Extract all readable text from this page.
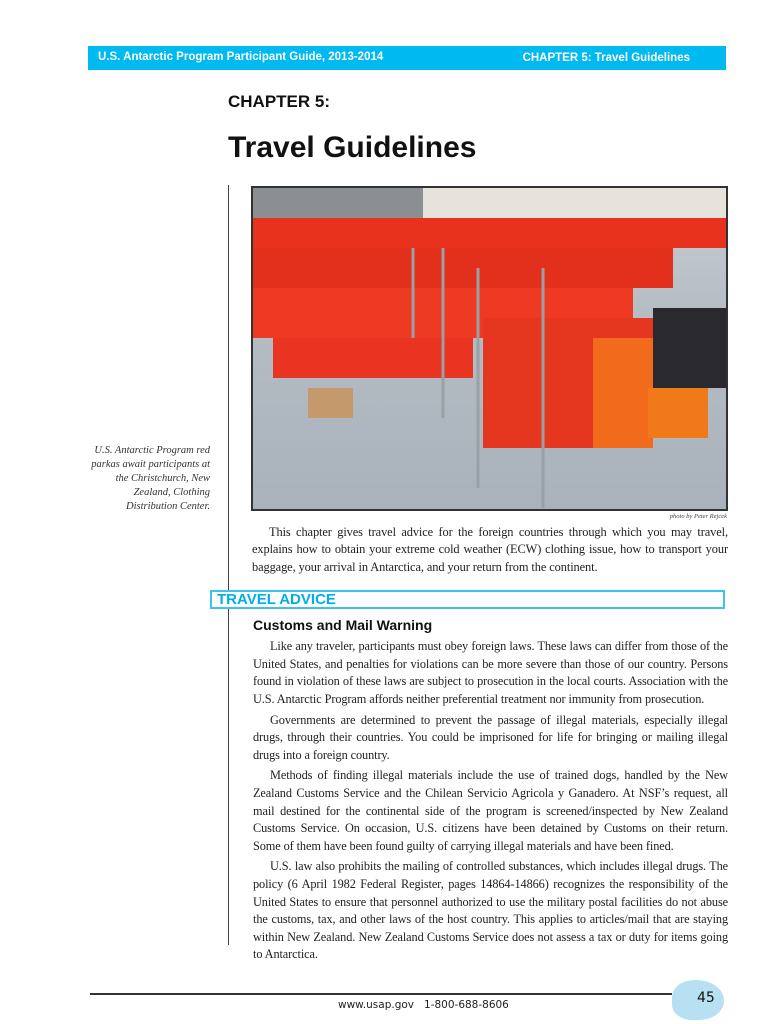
U.S. Antarctic Program Participant Guide, 2013-2014	CHAPTER 5: Travel Guidelines
CHAPTER 5:
Travel Guidelines
U.S. Antarctic Program red parkas await participants at the Christchurch, New Zealand, Clothing Distribution Center.
photo by Peter Rejcek

This chapter gives travel advice for the foreign countries through which you may travel, explains how to obtain your extreme cold weather (ECW) clothing issue, how to transport your baggage, your arrival in Antarctica, and your return from the continent.

TRAVEL ADVICE
Customs and Mail Warning

Like any traveler, participants must obey foreign laws. These laws can differ from those of the United States, and penalties for violations can be more severe than those of our country. Persons found in violation of these laws are subject to prosecution in the local courts. Association with the U.S. Antarctic Program affords neither preferential treatment nor immunity from prosecution.

Governments are determined to prevent the passage of illegal materials, especially illegal drugs, through their countries. You could be imprisoned for life for bringing or mailing illegal drugs into a foreign country.

Methods of finding illegal materials include the use of trained dogs, handled by the New Zealand Customs Service and the Chilean Servicio Agricola y Ganadero. At NSF’s request, all mail destined for the continental side of the program is screened/inspected by New Zealand Customs Service. On occasion, U.S. citizens have been detained by Customs on their return. Some of them have been found guilty of carrying illegal materials and have been fined.

U.S. law also prohibits the mailing of controlled substances, which includes illegal drugs. The policy (6 April 1982 Federal Register, pages 14864-14866) recognizes the responsibility of the United States to ensure that personnel authorized to use the military postal facilities do not abuse the customs, tax, and other laws of the host country. This applies to articles/mail that are staying within New Zealand. New Zealand Customs Service does not assess a tax or duty for items going to Antarctica.

www.usap.gov   1-800-688-8606	45
